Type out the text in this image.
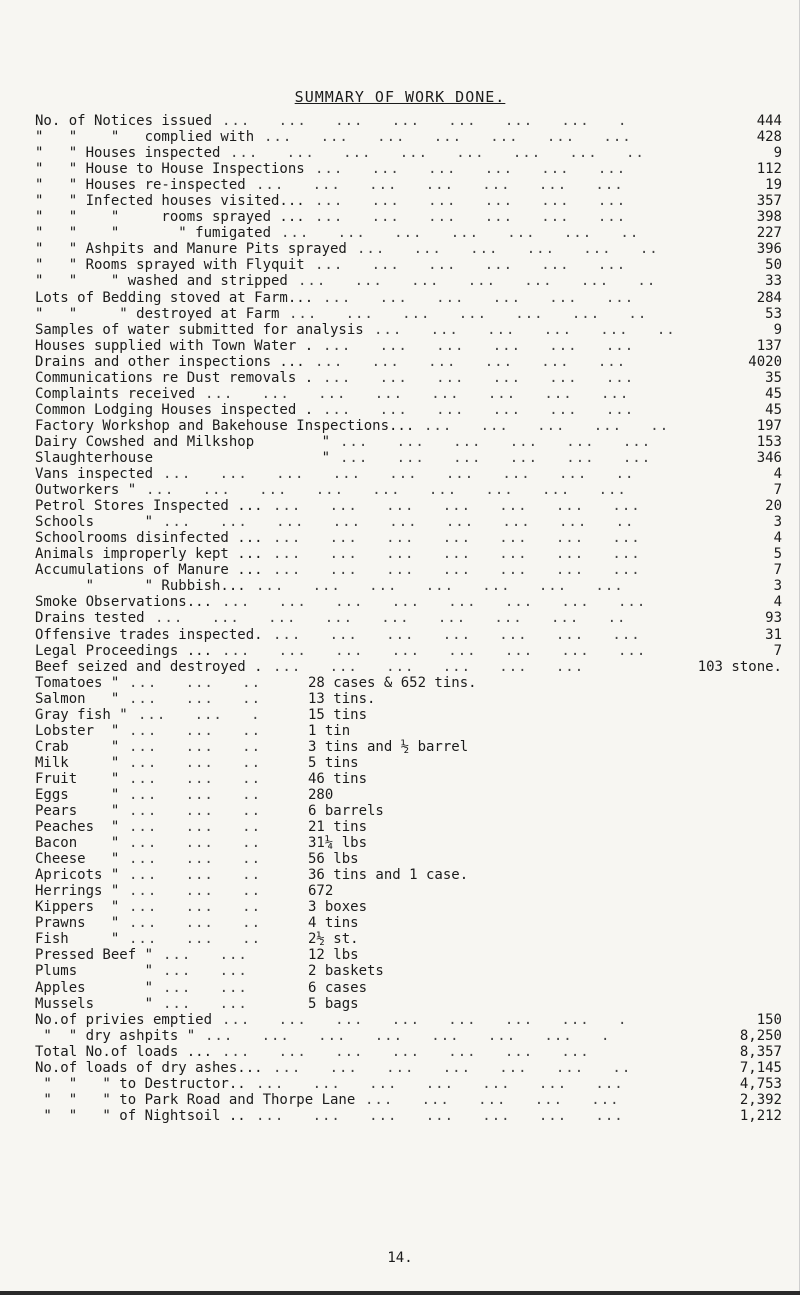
SUMMARY OF WORK DONE.
No. of Notices issued ...   ...   ...   ...   ...   ...   ...   .	444
"   "    "   complied with ...   ...   ...   ...   ...   ...   ...	428
"   " Houses inspected ...   ...   ...   ...   ...   ...   ...   ..	9
"   " House to House Inspections ...   ...   ...   ...   ...   ...	112
"   " Houses re-inspected ...   ...   ...   ...   ...   ...   ...	19
"   " Infected houses visited... ...   ...   ...   ...   ...   ...	357
"   "    "     rooms sprayed ... ...   ...   ...   ...   ...   ...	398
"   "    "       " fumigated ...   ...   ...   ...   ...   ...   ..	227
"   " Ashpits and Manure Pits sprayed ...   ...   ...   ...   ...   ..	396
"   " Rooms sprayed with Flyquit ...   ...   ...   ...   ...   ...	50
"   "    " washed and stripped ...   ...   ...   ...   ...   ...   ..	33
Lots of Bedding stoved at Farm... ...   ...   ...   ...   ...   ...	284
"   "     " destroyed at Farm ...   ...   ...   ...   ...   ...   ..	53
Samples of water submitted for analysis ...   ...   ...   ...   ...   ..	9
Houses supplied with Town Water . ...   ...   ...   ...   ...   ...	137
Drains and other inspections ... ...   ...   ...   ...   ...   ...	4020
Communications re Dust removals . ...   ...   ...   ...   ...   ...	35
Complaints received ...   ...   ...   ...   ...   ...   ...   ...	45
Common Lodging Houses inspected . ...   ...   ...   ...   ...   ...	45
Factory Workshop and Bakehouse Inspections... ...   ...   ...   ...   ..	197
Dairy Cowshed and Milkshop        " ...   ...   ...   ...   ...   ...	153
Slaughterhouse                    " ...   ...   ...   ...   ...   ...	346
Vans inspected ...   ...   ...   ...   ...   ...   ...   ...   ..	4
Outworkers " ...   ...   ...   ...   ...   ...   ...   ...   ...	7
Petrol Stores Inspected ... ...   ...   ...   ...   ...   ...   ...	20
Schools      " ...   ...   ...   ...   ...   ...   ...   ...   ..	3
Schoolrooms disinfected ... ...   ...   ...   ...   ...   ...   ...	4
Animals improperly kept ... ...   ...   ...   ...   ...   ...   ...	5
Accumulations of Manure ... ...   ...   ...   ...   ...   ...   ...	7
"      " Rubbish... ...   ...   ...   ...   ...   ...   ...	3
Smoke Observations... ...   ...   ...   ...   ...   ...   ...   ...	4
Drains tested ...   ...   ...   ...   ...   ...   ...   ...   ..	93
Offensive trades inspected. ...   ...   ...   ...   ...   ...   ...	31
Legal Proceedings ... ...   ...   ...   ...   ...   ...   ...   ...	7
Beef seized and destroyed . ...   ...   ...   ...   ...   ...	103 stone.
Tomatoes " ...   ...   ..	28 cases & 652 tins.
Salmon   " ...   ...   ..	13 tins.
Gray fish " ...   ...   .	15 tins
Lobster  " ...   ...   ..	1 tin
Crab     " ...   ...   ..	3 tins and ½ barrel
Milk     " ...   ...   ..	5 tins
Fruit    " ...   ...   ..	46 tins
Eggs     " ...   ...   ..	280
Pears    " ...   ...   ..	6 barrels
Peaches  " ...   ...   ..	21 tins
Bacon    " ...   ...   ..	31¼ lbs
Cheese   " ...   ...   ..	56 lbs
Apricots " ...   ...   ..	36 tins and 1 case.
Herrings " ...   ...   ..	672
Kippers  " ...   ...   ..	3 boxes
Prawns   " ...   ...   ..	4 tins
Fish     " ...   ...   ..	2½ st.
Pressed Beef " ...   ...	12 lbs
Plums        " ...   ...	2 baskets
Apples       " ...   ...	6 cases
Mussels      " ...   ...	5 bags
No.of privies emptied ...   ...   ...   ...   ...   ...   ...   .	150
"  " dry ashpits " ...   ...   ...   ...   ...   ...   ...   .	8,250
Total No.of loads ... ...   ...   ...   ...   ...   ...   ...	8,357
No.of loads of dry ashes... ...   ...   ...   ...   ...   ...   ..	7,145
"  "   " to Destructor.. ...   ...   ...   ...   ...   ...   ...	4,753
"  "   " to Park Road and Thorpe Lane ...   ...   ...   ...   ...	2,392
"  "   " of Nightsoil .. ...   ...   ...   ...   ...   ...   ...	1,212
14.
